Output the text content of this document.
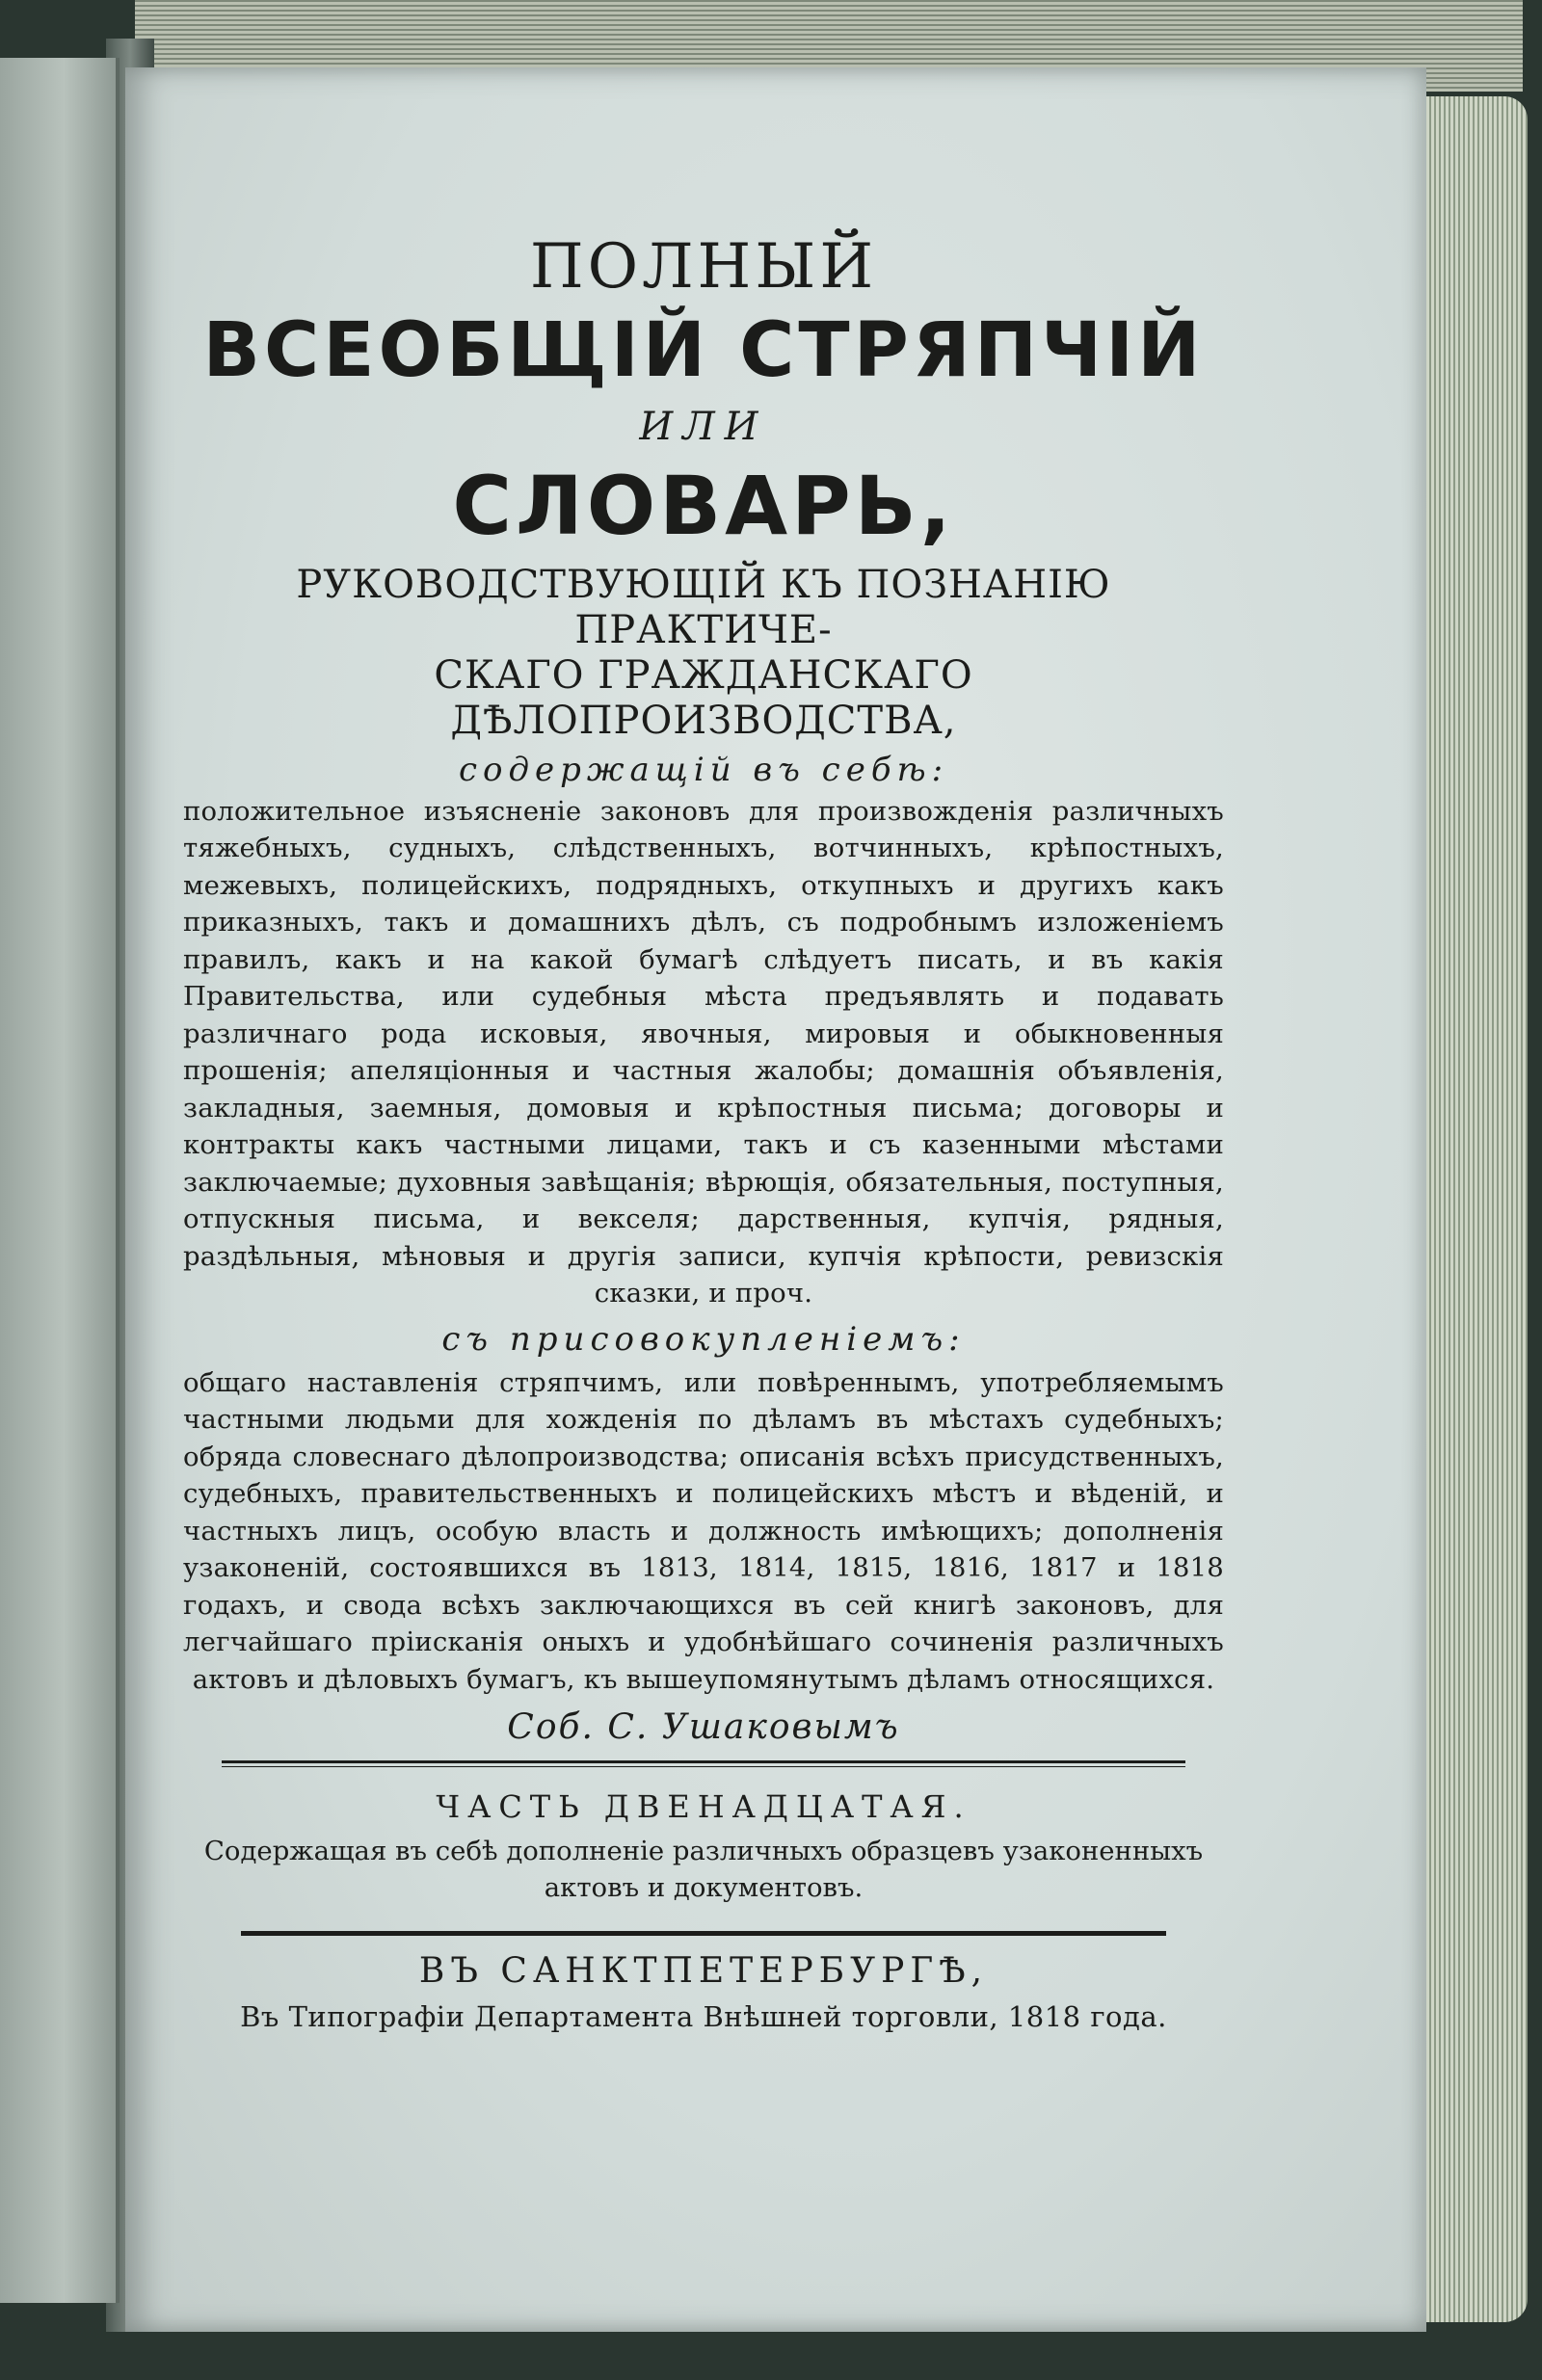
ПОЛНЫЙ
ВСЕОБЩІЙ СТРЯПЧІЙ
ИЛИ
СЛОВАРЬ,
РУКОВОДСТВУЮЩІЙ КЪ ПОЗНАНІЮ ПРАКТИЧЕ-
СКАГО ГРАЖДАНСКАГО ДѢЛОПРОИЗВОДСТВА,
содержащій въ себѣ:

положительное изъясненіе законовъ для произвожденія различныхъ тяжебныхъ, судныхъ, слѣдственныхъ, вотчинныхъ, крѣпостныхъ, межевыхъ, полицейскихъ, подрядныхъ, откупныхъ и другихъ какъ приказныхъ, такъ и домашнихъ дѣлъ, съ подробнымъ изложеніемъ правилъ, какъ и на какой бумагѣ слѣдуетъ писать, и въ какія Правительства, или судебныя мѣста предъявлять и подавать различнаго рода исковыя, явочныя, мировыя и обыкновенныя прошенія; апеляціонныя и частныя жалобы; домашнія объявленія, закладныя, заемныя, домовыя и крѣпостныя письма; договоры и контракты какъ частными лицами, такъ и съ казенными мѣстами заключаемые; духовныя завѣщанія; вѣрющія, обязательныя, поступныя, отпускныя письма, и векселя; дарственныя, купчія, рядныя, раздѣльныя, мѣновыя и другія записи, купчія крѣпости, ревизскія сказки, и проч.

съ присовокупленіемъ:

общаго наставленія стряпчимъ, или повѣреннымъ, употребляемымъ частными людьми для хожденія по дѣламъ въ мѣстахъ судебныхъ; обряда словеснаго дѣлопроизводства; описанія всѣхъ присудственныхъ, судебныхъ, правительственныхъ и полицейскихъ мѣстъ и вѣденій, и частныхъ лицъ, особую власть и должность имѣющихъ; дополненія узаконеній, состоявшихся въ 1813, 1814, 1815, 1816, 1817 и 1818 годахъ, и свода всѣхъ заключающихся въ сей книгѣ законовъ, для легчайшаго пріисканія оныхъ и удобнѣйшаго сочиненія различныхъ актовъ и дѣловыхъ бумагъ, къ вышеупомянутымъ дѣламъ относящихся.

Соб. С. Ушаковымъ
ЧАСТЬ ДВЕНАДЦАТАЯ.
Содержащая въ себѣ дополненіе различныхъ образцевъ узаконенныхъ актовъ и документовъ.
ВЪ САНКТПЕТЕРБУРГѢ,
Въ Типографіи Департамента Внѣшней торговли, 1818 года.
